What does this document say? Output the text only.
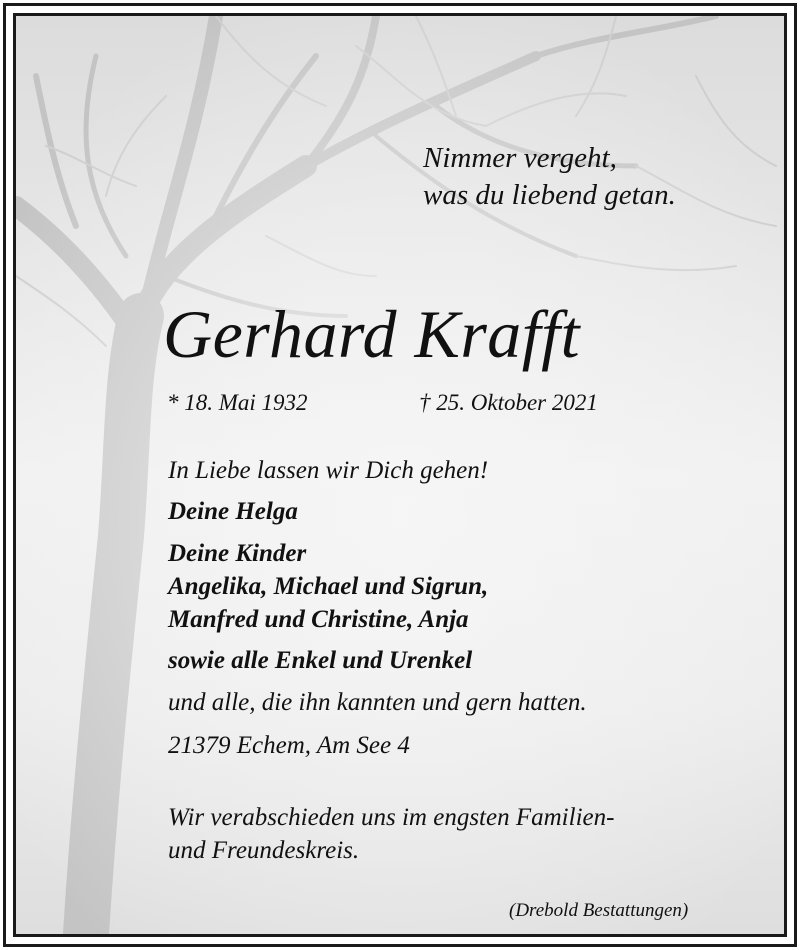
Nimmer vergeht,
was du liebend getan.
Gerhard Krafft
* 18. Mai 1932	† 25. Oktober 2021
In Liebe lassen wir Dich gehen!
Deine Helga
Deine Kinder
Angelika, Michael und Sigrun,
Manfred und Christine, Anja
sowie alle Enkel und Urenkel
und alle, die ihn kannten und gern hatten.
21379 Echem, Am See 4
Wir verabschieden uns im engsten Familien-
und Freundeskreis.
(Drebold Bestattungen)
